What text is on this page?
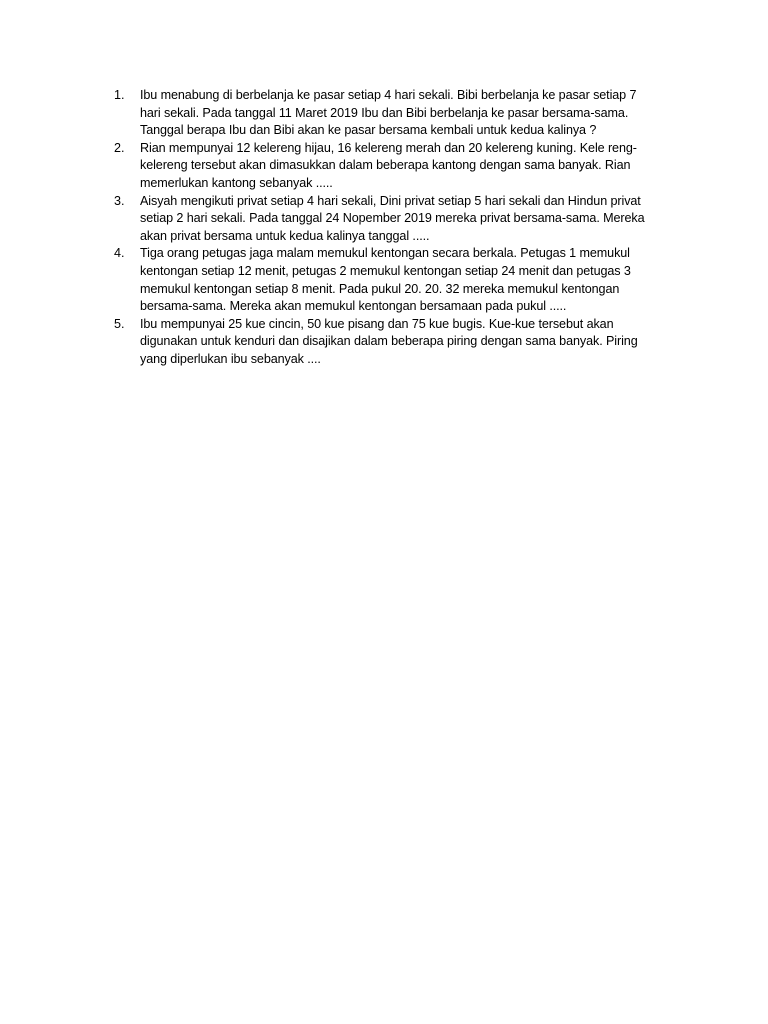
1.	Ibu menabung di berbelanja ke pasar setiap 4 hari sekali. Bibi berbelanja ke pasar setiap 7
hari sekali. Pada tanggal 11 Maret 2019 Ibu dan Bibi berbelanja ke pasar bersama-sama.
Tanggal berapa Ibu dan Bibi akan ke pasar bersama kembali untuk kedua kalinya ?
2.	Rian mempunyai 12 kelereng hijau, 16 kelereng merah dan 20 kelereng kuning. Kele reng-
kelereng tersebut akan dimasukkan dalam beberapa kantong dengan sama banyak. Rian
memerlukan kantong sebanyak .....
3.	Aisyah mengikuti privat setiap 4 hari sekali, Dini privat setiap 5 hari sekali dan Hindun privat
setiap 2 hari sekali. Pada tanggal 24 Nopember 2019 mereka privat bersama-sama. Mereka
akan privat bersama untuk kedua kalinya tanggal .....
4.	Tiga orang petugas jaga malam memukul kentongan secara berkala. Petugas 1 memukul
kentongan setiap 12 menit, petugas 2 memukul kentongan setiap 24 menit dan petugas 3
memukul kentongan setiap 8 menit. Pada pukul 20. 20. 32 mereka memukul kentongan
bersama-sama. Mereka akan memukul kentongan bersamaan pada pukul .....
5.	Ibu mempunyai 25 kue cincin, 50 kue pisang dan 75 kue bugis. Kue-kue tersebut akan
digunakan untuk kenduri dan disajikan dalam beberapa piring dengan sama banyak. Piring
yang diperlukan ibu sebanyak ....
